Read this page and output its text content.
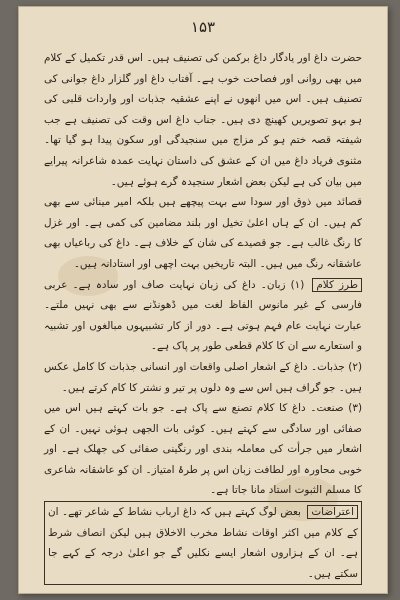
۱۵۳

حضرت داغ اور یادگار داغ برکمن کی تصنیف ہیں۔ اس قدر تکمیل کے کلام میں بھی روانی اور فصاحت خوب ہے۔ آفتاب داغ اور گلزار داغ جوانی کی تصنیف ہیں۔ اس میں انھوں نے اپنے عشقیہ جذبات اور واردات قلبی کی ہو بہو تصویریں کھینچ دی ہیں۔ جناب داغ اس وقت کی تصنیف ہے جب شیفتہ قصہ ختم ہو کر مزاج میں سنجیدگی اور سکون پیدا ہو گیا تھا۔ مثنوی فریاد داغ میں ان کے عشق کی داستان نہایت عمدہ شاعرانہ پیرایے میں بیان کی ہے لیکن بعض اشعار سنجیدہ گرے ہوئے ہیں۔

قصائد میں ذوق اور سودا سے بہت پیچھے ہیں بلکہ امیر مینائی سے بھی کم ہیں۔ ان کے ہاں اعلیٰ تخیل اور بلند مضامین کی کمی ہے۔ اور غزل کا رنگ غالب ہے۔ جو قصیدے کی شان کے خلاف ہے۔ داغ کی رباعیاں بھی عاشقانہ رنگ میں ہیں۔ البتہ تاریخیں بہت اچھی اور استادانہ ہیں۔

طرز کلام (۱) زبان۔ داغ کی زبان نہایت صاف اور سادہ ہے۔ عربی فارسی کے غیر مانوس الفاظ لغت میں ڈھونڈنے سے بھی نہیں ملتے۔ عبارت نہایت عام فہم ہوتی ہے۔ دور از کار تشبیہوں مبالغوں اور تشبیہ و استعارے سے ان کا کلام قطعی طور پر پاک ہے۔

(۲) جذبات۔ داغ کے اشعار اصلی واقعات اور انسانی جذبات کا کامل عکس ہیں۔ جو گراف ہیں اس سے وہ دلوں پر تیر و نشتر کا کام کرتے ہیں۔

(۳) صنعت۔ داغ کا کلام تصنع سے پاک ہے۔ جو بات کہتے ہیں اس میں صفائی اور سادگی سے کہتے ہیں۔ کوئی بات الجھی ہوئی نہیں۔ ان کے اشعار میں جرأت کی معاملہ بندی اور رنگینی صفائی کی جھلک ہے۔ اور خوبی محاورہ اور لطافت زبان اس پر طرۂ امتیاز۔ ان کو عاشقانہ شاعری کا مسلم الثبوت استاد مانا جاتا ہے۔

اعتراضات بعض لوگ کہتے ہیں کہ داغ ارباب نشاط کے شاعر تھے۔ ان کے کلام میں اکثر اوقات نشاط مخرب الاخلاق ہیں لیکن انصاف شرط ہے۔ ان کے ہزاروں اشعار ایسے نکلیں گے جو اعلیٰ درجہ کے کہے جا سکتے ہیں۔
